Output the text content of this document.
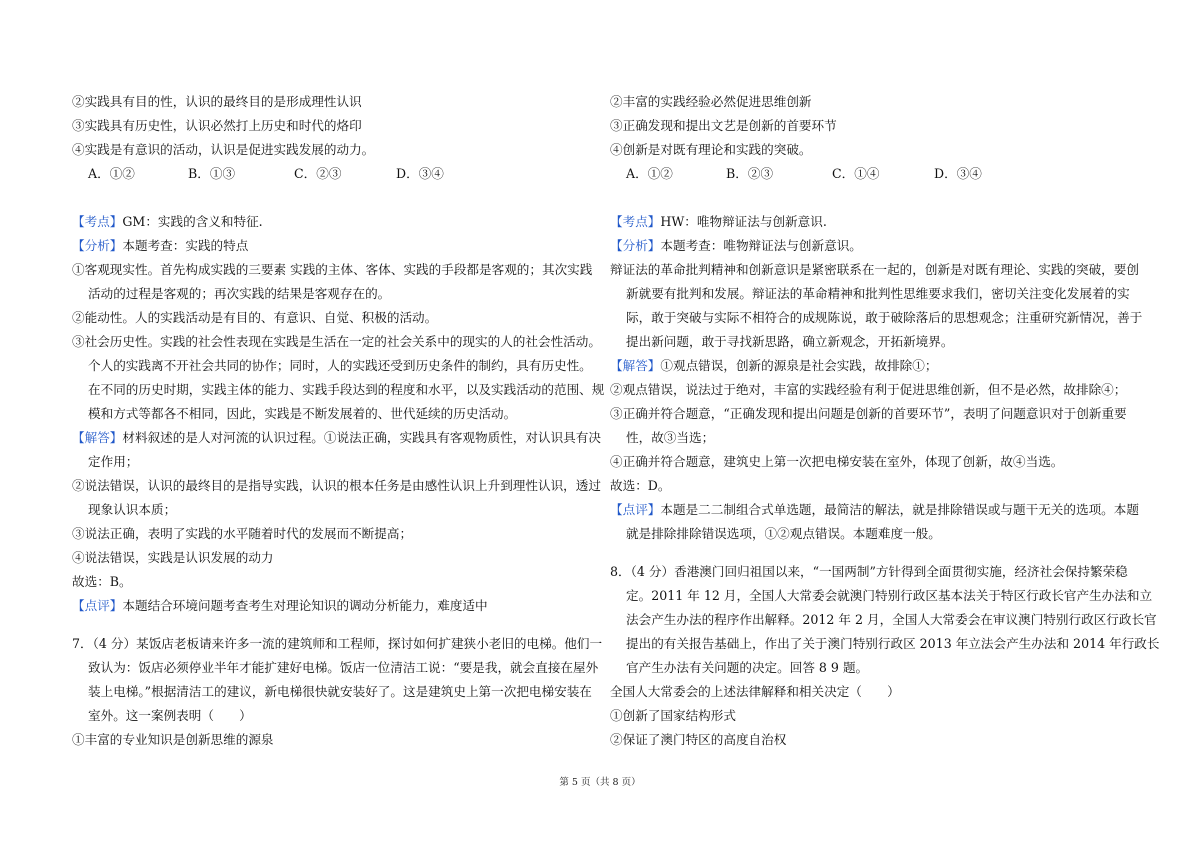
②实践具有目的性，认识的最终目的是形成理性认识
③实践具有历史性，认识必然打上历史和时代的烙印
④实践是有意识的活动，认识是促进实践发展的动力。
A．①②	B．①③	C．②③	D．③④
【考点】GM：实践的含义和特征.
【分析】本题考查：实践的特点
①客观现实性。首先构成实践的三要素 实践的主体、客体、实践的手段都是客观的；其次实践
活动的过程是客观的；再次实践的结果是客观存在的。
②能动性。人的实践活动是有目的、有意识、自觉、积极的活动。
③社会历史性。实践的社会性表现在实践是生活在一定的社会关系中的现实的人的社会性活动。
个人的实践离不开社会共同的协作；同时，人的实践还受到历史条件的制约，具有历史性。
在不同的历史时期，实践主体的能力、实践手段达到的程度和水平，以及实践活动的范围、规
模和方式等都各不相同，因此，实践是不断发展着的、世代延续的历史活动。
【解答】材料叙述的是人对河流的认识过程。①说法正确，实践具有客观物质性，对认识具有决
定作用；
②说法错误，认识的最终目的是指导实践，认识的根本任务是由感性认识上升到理性认识，透过
现象认识本质；
③说法正确，表明了实践的水平随着时代的发展而不断提高；
④说法错误，实践是认识发展的动力
故选：B。
【点评】本题结合环境问题考查考生对理论知识的调动分析能力，难度适中
7．（4 分）某饭店老板请来许多一流的建筑师和工程师，探讨如何扩建狭小老旧的电梯。他们一
致认为：饭店必须停业半年才能扩建好电梯。饭店一位清洁工说：“要是我，就会直接在屋外
装上电梯。”根据清洁工的建议，新电梯很快就安装好了。这是建筑史上第一次把电梯安装在
室外。这一案例表明（　　）
①丰富的专业知识是创新思维的源泉
②丰富的实践经验必然促进思维创新
③正确发现和提出文艺是创新的首要环节
④创新是对既有理论和实践的突破。
A．①②	B．②③	C．①④	D．③④
【考点】HW：唯物辩证法与创新意识.
【分析】本题考查：唯物辩证法与创新意识。
辩证法的革命批判精神和创新意识是紧密联系在一起的，创新是对既有理论、实践的突破，要创
新就要有批判和发展。辩证法的革命精神和批判性思维要求我们，密切关注变化发展着的实
际，敢于突破与实际不相符合的成规陈说，敢于破除落后的思想观念；注重研究新情况，善于
提出新问题，敢于寻找新思路，确立新观念，开拓新境界。
【解答】①观点错误，创新的源泉是社会实践，故排除①；
②观点错误，说法过于绝对，丰富的实践经验有利于促进思维创新，但不是必然，故排除④；
③正确并符合题意，“正确发现和提出问题是创新的首要环节”，表明了问题意识对于创新重要
性，故③当选；
④正确并符合题意，建筑史上第一次把电梯安装在室外，体现了创新，故④当选。
故选：D。
【点评】本题是二二制组合式单选题，最简洁的解法，就是排除错误或与题干无关的选项。本题
就是排除排除错误选项，①②观点错误。本题难度一般。
8．（4 分）香港澳门回归祖国以来，“一国两制”方针得到全面贯彻实施，经济社会保持繁荣稳
定。2011 年 12 月，全国人大常委会就澳门特别行政区基本法关于特区行政长官产生办法和立
法会产生办法的程序作出解释。2012 年 2 月，全国人大常委会在审议澳门特别行政区行政长官
提出的有关报告基础上，作出了关于澳门特别行政区 2013 年立法会产生办法和 2014 年行政长
官产生办法有关问题的决定。回答 8 9 题。
全国人大常委会的上述法律解释和相关决定（　　）
①创新了国家结构形式
②保证了澳门特区的高度自治权
第 5 页（共 8 页）
